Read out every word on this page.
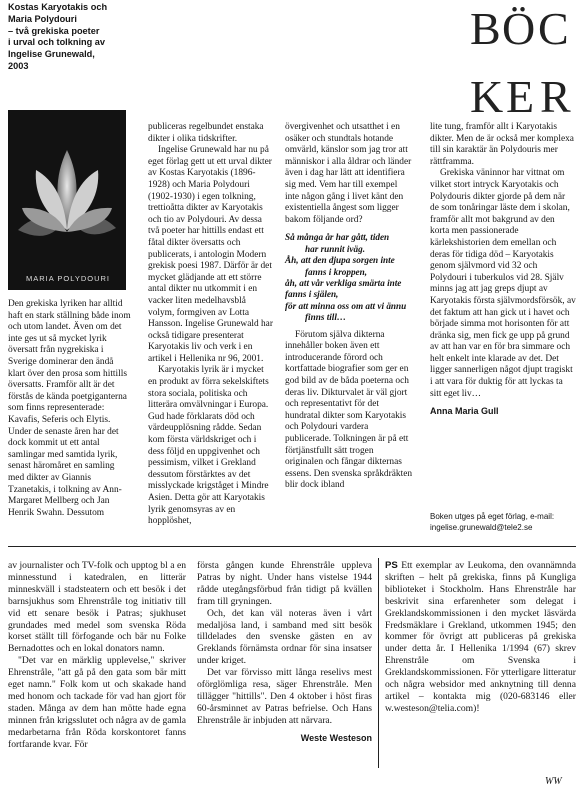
Kostas Karyotakis och
Maria Polydouri
– två grekiska poeter
i urval och tolkning av
Ingelise Grunewald,
2003
B Ö C
K E R
MARIA POLYDOURI

Den grekiska lyriken har alltid haft en stark ställning både inom och utom landet. Även om det inte ges ut så mycket lyrik översatt från nygrekiska i Sverige dominerar den ändå klart över den prosa som hittills översatts. Framför allt är det förstås de kända poetgiganterna som finns representerade: Kavafis, Seferis och Elytis. Under de senaste åren har det dock kommit ut ett antal samlingar med samtida lyrik, senast häromåret en samling med dikter av Giannis Tzanetakis, i tolkning av Ann-Margaret Mellberg och Jan Henrik Swahn. Dessutom

publiceras regelbundet enstaka dikter i olika tidskrifter.

Ingelise Grunewald har nu på eget förlag gett ut ett urval dikter av Kostas Karyotakis (1896-1928) och Maria Polydouri (1902-1930) i egen tolkning, trettioåtta dikter av Karyotakis och tio av Polydouri. Av dessa två poeter har hittills endast ett fåtal dikter översatts och publicerats, i antologin Modern grekisk poesi 1987. Därför är det mycket glädjande att ett större antal dikter nu utkommit i en vacker liten medelhavsblå volym, formgiven av Lotta Hansson. Ingelise Grunewald har också tidigare presenterat Karyotakis liv och verk i en artikel i Hellenika nr 96, 2001.

Karyotakis lyrik är i mycket en produkt av förra sekelskiftets stora sociala, politiska och litterära omvälvningar i Europa. Gud hade förklarats död och värdeupplösning rådde. Sedan kom första världskriget och i dess följd en uppgivenhet och pessimism, vilket i Grekland dessutom förstärktes av det misslyckade krigståget i Mindre Asien. Detta gör att Karyotakis lyrik genomsyras av en hopplöshet,

övergivenhet och utsatthet i en osäker och stundtals hotande omvärld, känslor som jag tror att människor i alla åldrar och länder även i dag har lätt att identifiera sig med. Vem har till exempel inte någon gång i livet känt den existentiella ångest som ligger bakom följande ord?

Så många år har gått, tiden
har runnit iväg.
Åh, att den djupa sorgen inte
fanns i kroppen,
åh, att vår verkliga smärta inte fanns i själen,
för att minna oss om att vi ännu
finns till…

Förutom själva dikterna innehåller boken även ett introducerande förord och kortfattade biografier som ger en god bild av de båda poeterna och deras liv. Dikturvalet är väl gjort och representativt för det hundratal dikter som Karyotakis och Polydouri vardera publicerade. Tolkningen är på ett förtjänstfullt sätt trogen originalen och fångar dikternas essens. Den svenska språkdräkten blir dock ibland

lite tung, framför allt i Karyotakis dikter. Men de är också mer komplexa till sin karaktär än Polydouris mer rättframma.

Grekiska väninnor har vittnat om vilket stort intryck Karyotakis och Polydouris dikter gjorde på dem när de som tonåringar läste dem i skolan, framför allt mot bakgrund av den korta men passionerade kärlekshistorien dem emellan och deras för tidiga död – Karyotakis genom självmord vid 32 och Polydouri i tuberkulos vid 28. Själv minns jag att jag greps djupt av Karyotakis första självmordsförsök, av det faktum att han gick ut i havet och började simma mot horisonten för att dränka sig, men fick ge upp på grund av att han var en för bra simmare och helt enkelt inte klarade av det. Det ligger sannerligen något djupt tragiskt i att vara för duktig för att lyckas ta sitt eget liv…

Anna Maria Gull
Boken utges på eget förlag, e-mail:
ingelise.grunewald@tele2.se

av journalister och TV-folk och upptog bl a en minnesstund i katedralen, en litterär minneskväll i stadsteatern och ett besök i det barnsjukhus som Ehrenstråle tog initiativ till vid ett senare besök i Patras; sjukhuset grundades med medel som svenska Röda korset ställt till förfogande och bär nu Folke Bernadottes och en lokal donators namn.

"Det var en märklig upplevelse," skriver Ehrenstråle, "att gå på den gata som bär mitt eget namn." Folk kom ut och skakade hand med honom och tackade för vad han gjort för staden. Många av dem han mötte hade egna minnen från krigsslutet och några av de gamla medarbetarna från Röda korskontoret fanns fortfarande kvar. För

första gången kunde Ehrenstråle uppleva Patras by night. Under hans vistelse 1944 rådde utegångsförbud från tidigt på kvällen fram till gryningen.

Och, det kan väl noteras även i vårt medaljösa land, i samband med sitt besök tilldelades den svenske gästen en av Greklands förnämsta ordnar för sina insatser under kriget.

Det var förvisso mitt långa reselivs mest oförglömliga resa, säger Ehrenstråle. Men tillägger "hittills". Den 4 oktober i höst firas 60-årsminnet av Patras befrielse. Och Hans Ehrenstråle är inbjuden att närvara.

Weste Westeson

PS Ett exemplar av Leukoma, den ovannämnda skriften – helt på grekiska, finns på Kungliga biblioteket i Stockholm. Hans Ehrenstråle har beskrivit sina erfarenheter som delegat i Greklandskommissionen i den mycket läsvärda Fredsmäklare i Grekland, utkommen 1945; den kommer för övrigt att publiceras på grekiska under detta år. I Hellenika 1/1994 (67) skrev Ehrenstråle om Svenska i Greklandskommissionen. För ytterligare litteratur och några websidor med anknytning till denna artikel – kontakta mig (020-683146 eller w.westeson@telia.com)!

WW
